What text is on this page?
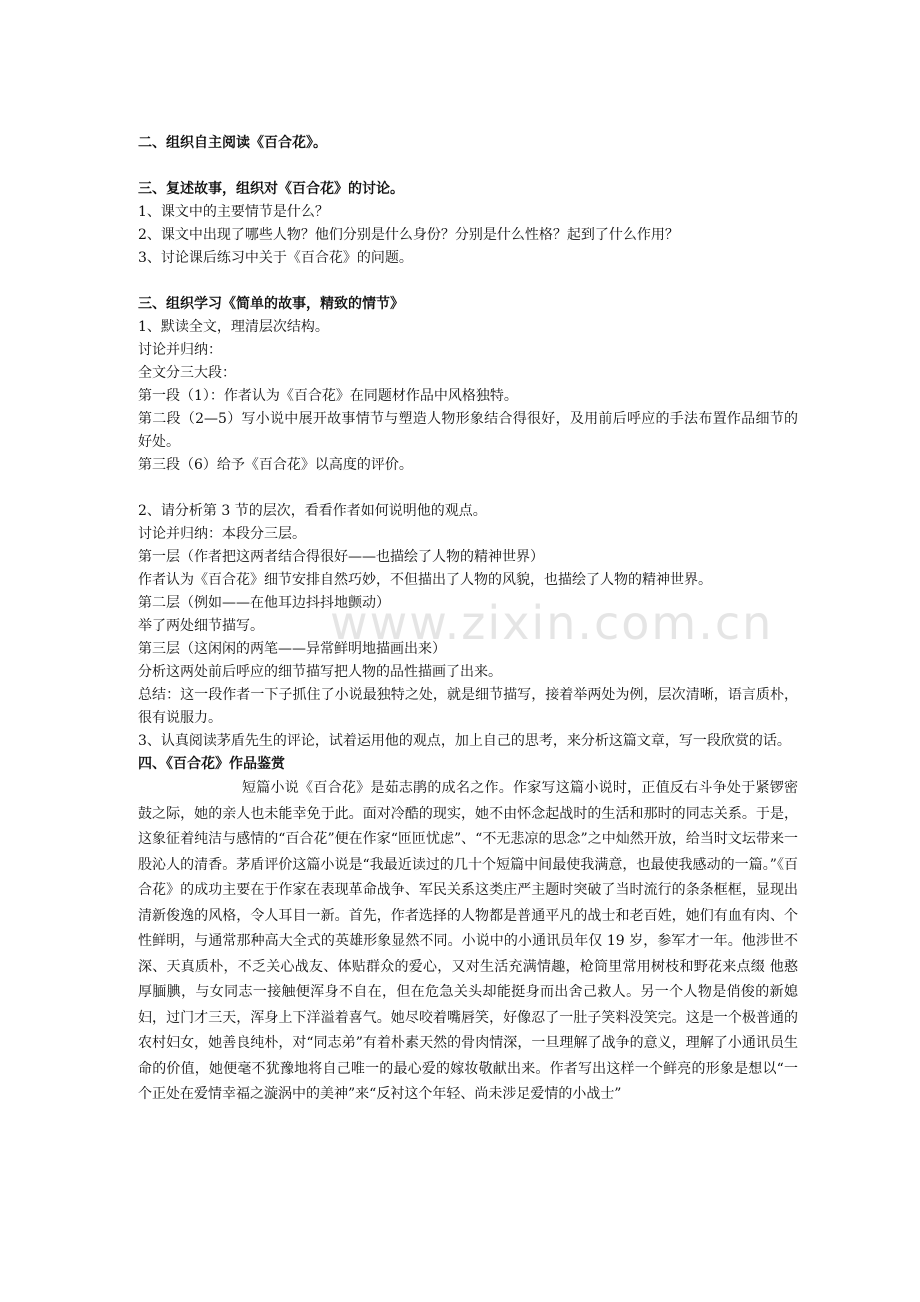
www.zixin.com.cn
二、组织自主阅读《百合花》。
三、复述故事，组织对《百合花》的讨论。
1、课文中的主要情节是什么？
2、课文中出现了哪些人物？他们分别是什么身份？分别是什么性格？起到了什么作用？
3、讨论课后练习中关于《百合花》的问题。
三、组织学习《简单的故事，精致的情节》
1、默读全文，理清层次结构。
讨论并归纳：
全文分三大段：
第一段（1）：作者认为《百合花》在同题材作品中风格独特。

第二段（2—5）写小说中展开故事情节与塑造人物形象结合得很好，及用前后呼应的手法布置作品细节的好处。

第三段（6）给予《百合花》以高度的评价。
2、请分析第 3 节的层次，看看作者如何说明他的观点。
讨论并归纳：本段分三层。
第一层（作者把这两者结合得很好——也描绘了人物的精神世界）
作者认为《百合花》细节安排自然巧妙，不但描出了人物的风貌，也描绘了人物的精神世界。
第二层（例如——在他耳边抖抖地颤动）
举了两处细节描写。
第三层（这闲闲的两笔——异常鲜明地描画出来）
分析这两处前后呼应的细节描写把人物的品性描画了出来。

总结：这一段作者一下子抓住了小说最独特之处，就是细节描写，接着举两处为例，层次清晰，语言质朴，很有说服力。

3、认真阅读茅盾先生的评论，试着运用他的观点，加上自己的思考，来分析这篇文章，写一段欣赏的话。

四、《百合花》作品鉴赏

短篇小说《百合花》是茹志鹃的成名之作。作家写这篇小说时，正值反右斗争处于紧锣密鼓之际，她的亲人也未能幸免于此。面对冷酷的现实，她不由怀念起战时的生活和那时的同志关系。于是，这象征着纯洁与感情的“百合花”便在作家“匝匝忧虑”、“不无悲凉的思念”之中灿然开放，给当时文坛带来一股沁人的清香。茅盾评价这篇小说是“我最近读过的几十个短篇中间最使我满意，也最使我感动的一篇。”《百合花》的成功主要在于作家在表现革命战争、军民关系这类庄严主题时突破了当时流行的条条框框，显现出清新俊逸的风格，令人耳目一新。首先，作者选择的人物都是普通平凡的战士和老百姓，她们有血有肉、个性鲜明，与通常那种高大全式的英雄形象显然不同。小说中的小通讯员年仅 19 岁，参军才一年。他涉世不深、天真质朴，不乏关心战友、体贴群众的爱心，又对生活充满情趣，枪筒里常用树枝和野花来点缀 他憨厚腼腆，与女同志一接触便浑身不自在，但在危急关头却能挺身而出舍己救人。另一个人物是俏俊的新媳妇，过门才三天，浑身上下洋溢着喜气。她尽咬着嘴唇笑，好像忍了一肚子笑料没笑完。这是一个极普通的农村妇女，她善良纯朴，对“同志弟”有着朴素天然的骨肉情深，一旦理解了战争的意义，理解了小通讯员生命的价值，她便毫不犹豫地将自己唯一的最心爱的嫁妆敬献出来。作者写出这样一个鲜亮的形象是想以“一个正处在爱情幸福之漩涡中的美神”来“反衬这个年轻、尚未涉足爱情的小战士”
